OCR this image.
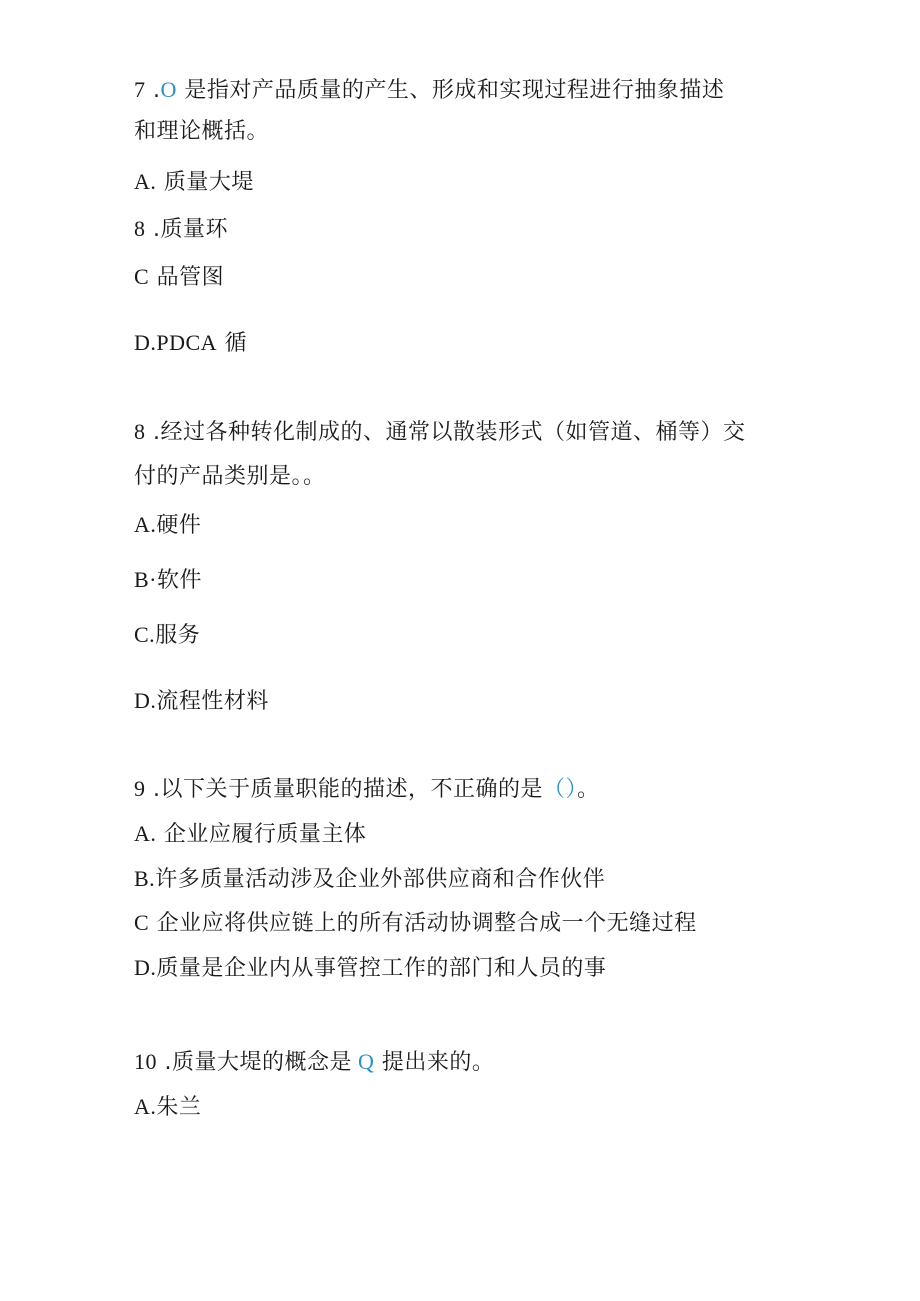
7 .O 是指对产品质量的产生、形成和实现过程进行抽象描述
和理论概括。
A. 质量大堤
8 .质量环
C 品管图
D.PDCA 循
8 .经过各种转化制成的、通常以散装形式（如管道、桶等）交
付的产品类别是。。
A.硬件
B·软件
C.服务
D.流程性材料
9 .以下关于质量职能的描述，不正确的是（）。
A. 企业应履行质量主体
B.许多质量活动涉及企业外部供应商和合作伙伴
C 企业应将供应链上的所有活动协调整合成一个无缝过程
D.质量是企业内从事管控工作的部门和人员的事
10 .质量大堤的概念是 Q 提出来的。
A.朱兰
